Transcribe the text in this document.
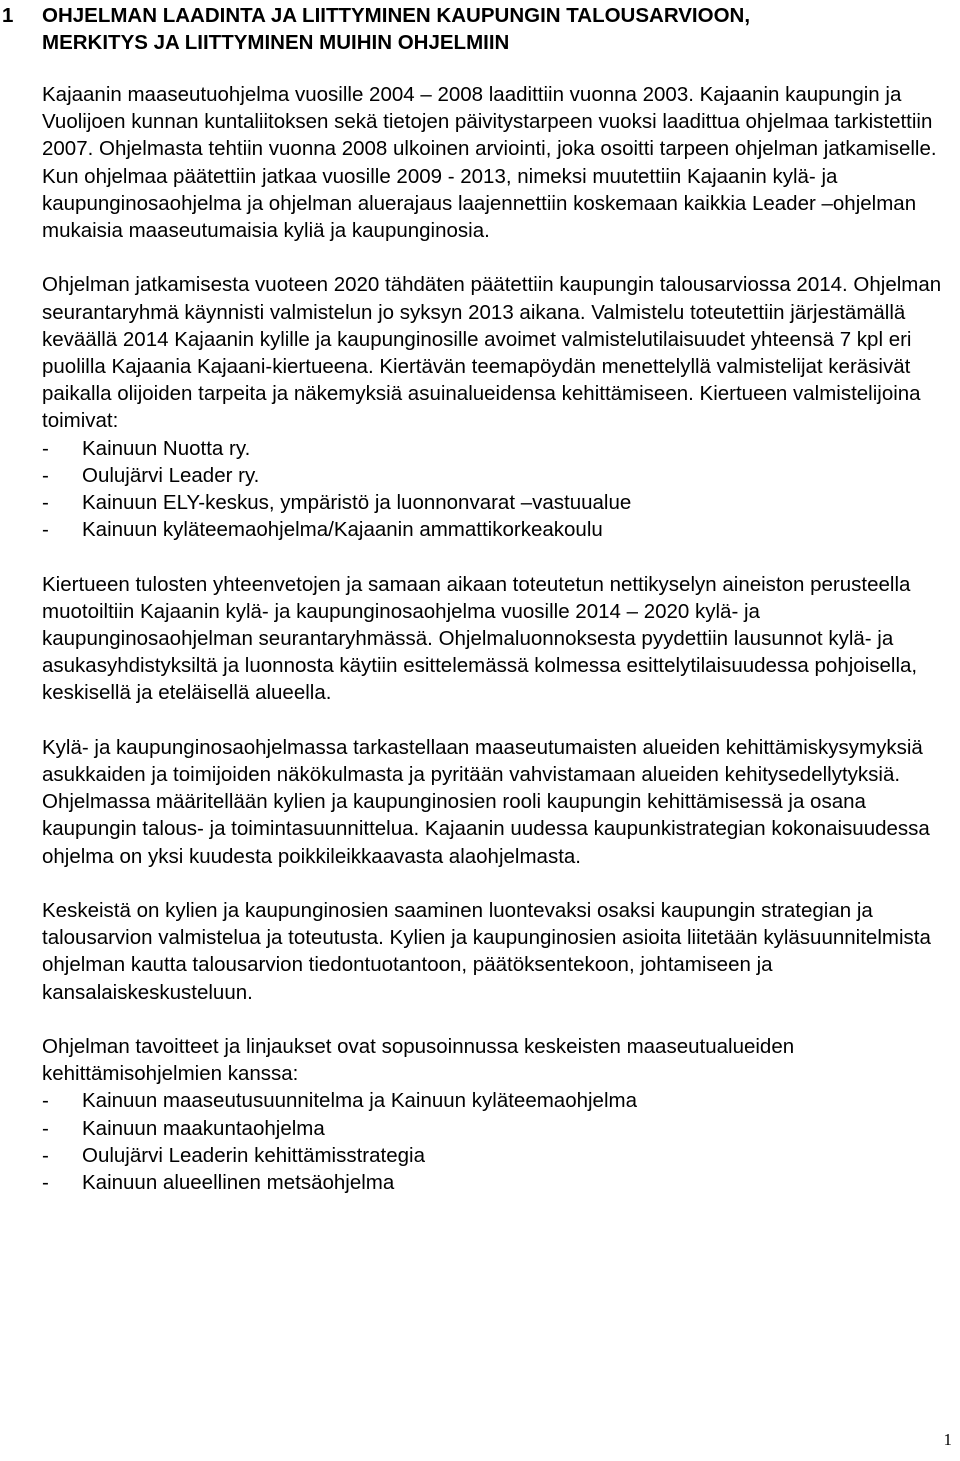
1 OHJELMAN LAADINTA JA LIITTYMINEN KAUPUNGIN TALOUSARVIOON,
MERKITYS JA LIITTYMINEN MUIHIN OHJELMIIN

Kajaanin maaseutuohjelma vuosille 2004 – 2008 laadittiin vuonna 2003. Kajaanin kaupungin ja Vuolijoen kunnan kuntaliitoksen sekä tietojen päivitystarpeen vuoksi laadittua ohjelmaa tarkistettiin 2007. Ohjelmasta tehtiin vuonna 2008 ulkoinen arviointi, joka osoitti tarpeen ohjelman jatkamiselle. Kun ohjelmaa päätettiin jatkaa vuosille 2009 - 2013, nimeksi muutettiin Kajaanin kylä- ja kaupunginosaohjelma ja ohjelman aluerajaus laajennettiin koskemaan kaikkia Leader –ohjelman mukaisia maaseutumaisia kyliä ja kaupunginosia.

Ohjelman jatkamisesta vuoteen 2020 tähdäten päätettiin kaupungin talousarviossa 2014. Ohjelman seurantaryhmä käynnisti valmistelun jo syksyn 2013 aikana. Valmistelu toteutettiin järjestämällä keväällä 2014 Kajaanin kylille ja kaupunginosille avoimet valmistelutilaisuudet yhteensä 7 kpl eri puolilla Kajaania Kajaani-kiertueena. Kiertävän teemapöydän menettelyllä valmistelijat keräsivät paikalla olijoiden tarpeita ja näkemyksiä asuinalueidensa kehittämiseen. Kiertueen valmistelijoina toimivat:

- Kainuun Nuotta ry.
- Oulujärvi Leader ry.
- Kainuun ELY-keskus, ympäristö ja luonnonvarat –vastuualue
- Kainuun kyläteemaohjelma/Kajaanin ammattikorkeakoulu

Kiertueen tulosten yhteenvetojen ja samaan aikaan toteutetun nettikyselyn aineiston perusteella muotoiltiin Kajaanin kylä- ja kaupunginosaohjelma vuosille 2014 – 2020 kylä- ja kaupunginosaohjelman seurantaryhmässä. Ohjelmaluonnoksesta pyydettiin lausunnot kylä- ja asukasyhdistyksiltä ja luonnosta käytiin esittelemässä kolmessa esittelytilaisuudessa pohjoisella, keskisellä ja eteläisellä alueella.

Kylä- ja kaupunginosaohjelmassa tarkastellaan maaseutumaisten alueiden kehittämiskysymyksiä asukkaiden ja toimijoiden näkökulmasta ja pyritään vahvistamaan alueiden kehitysedellytyksiä. Ohjelmassa määritellään kylien ja kaupunginosien rooli kaupungin kehittämisessä ja osana kaupungin talous- ja toimintasuunnittelua. Kajaanin uudessa kaupunkistrategian kokonaisuudessa ohjelma on yksi kuudesta poikkileikkaavasta alaohjelmasta.

Keskeistä on kylien ja kaupunginosien saaminen luontevaksi osaksi kaupungin strategian ja talousarvion valmistelua ja toteutusta. Kylien ja kaupunginosien asioita liitetään kyläsuunnitelmista ohjelman kautta talousarvion tiedontuotantoon, päätöksentekoon, johtamiseen ja kansalaiskeskusteluun.

Ohjelman tavoitteet ja linjaukset ovat sopusoinnussa keskeisten maaseutualueiden kehittämisohjelmien kanssa:

- Kainuun maaseutusuunnitelma ja Kainuun kyläteemaohjelma
- Kainuun maakuntaohjelma
- Oulujärvi Leaderin kehittämisstrategia
- Kainuun alueellinen metsäohjelma
1
